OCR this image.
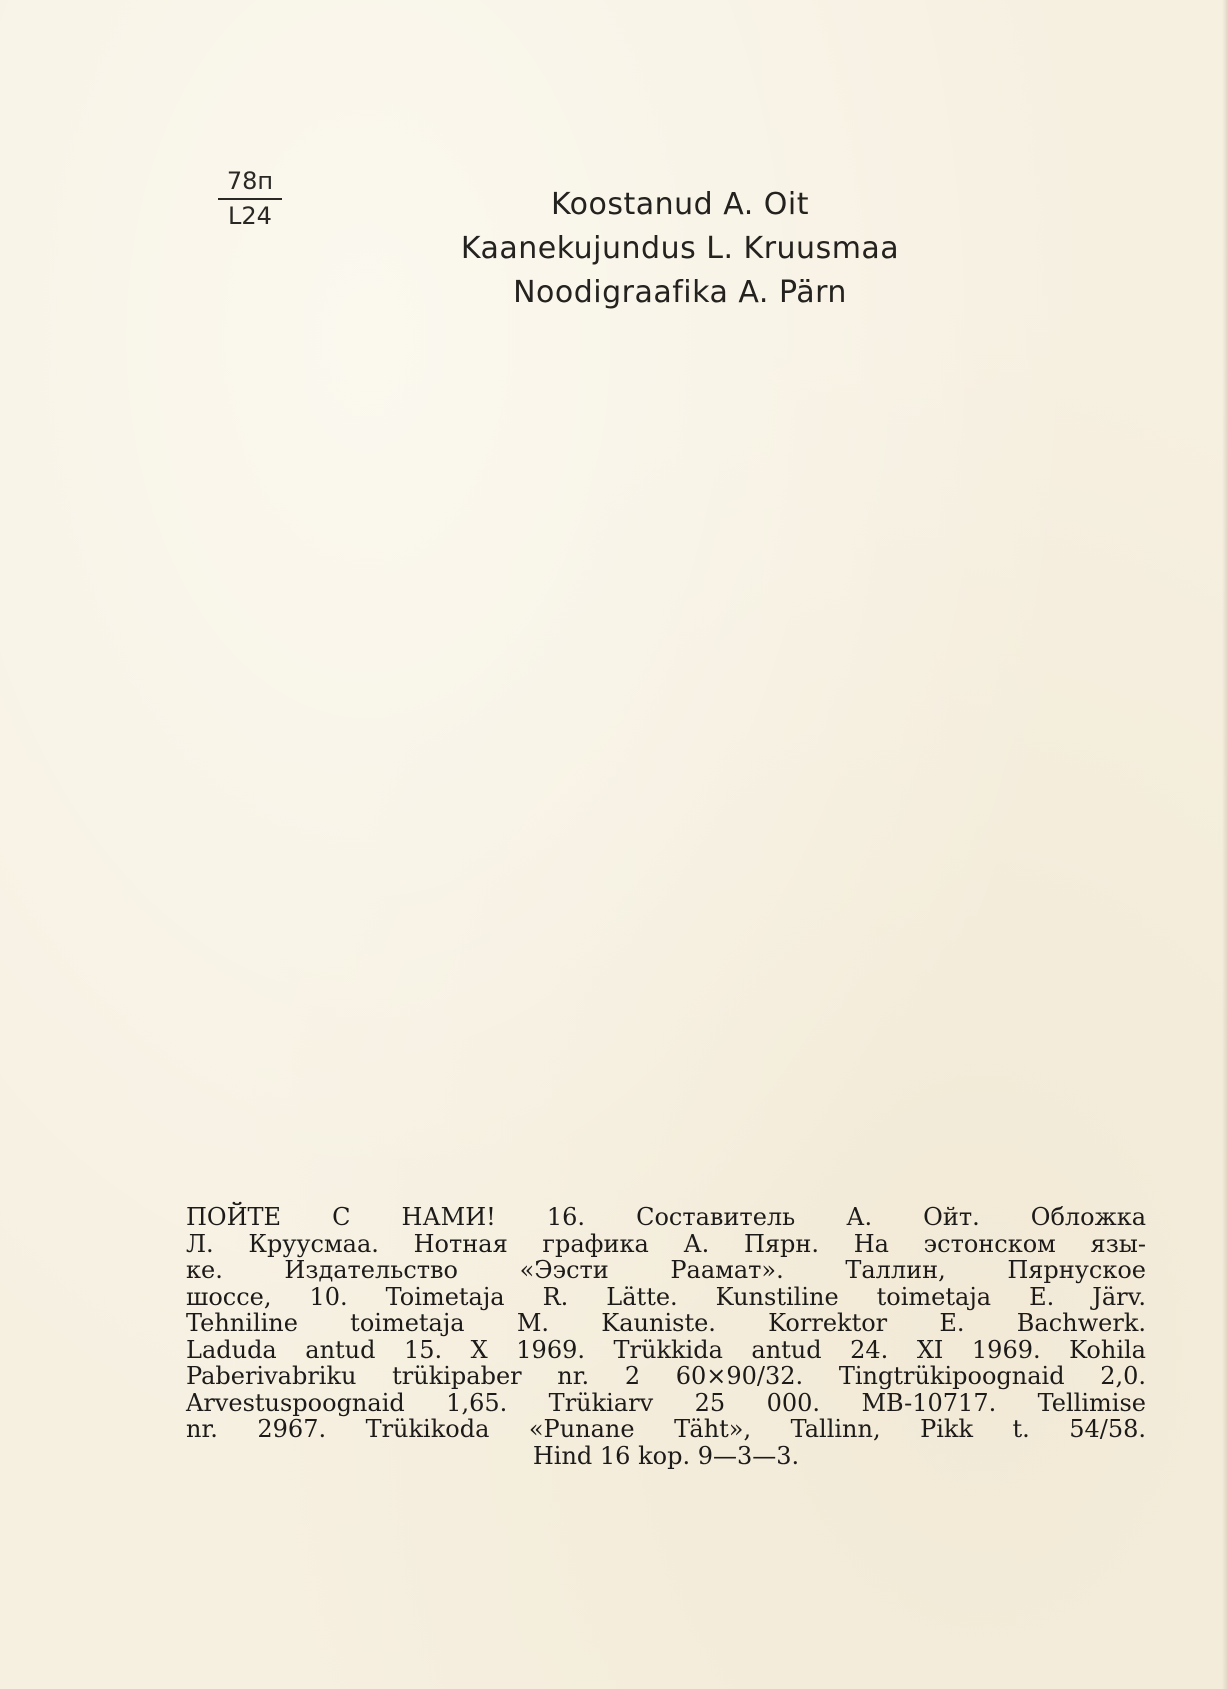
78п
L24	Koostanud A. Oit
Kaanekujundus L. Kruusmaa
Noodigraafika A. Pärn
ПОЙТЕ С НАМИ! 16. Составитель А. Ойт. Обложка
Л. Круусмаа. Нотная графика А. Пярн. На эстонском язы-
ке. Издательство «Ээсти Раамат». Таллин, Пярнуское
шоссе, 10. Toimetaja R. Lätte. Kunstiline toimetaja E. Järv.
Tehniline toimetaja M. Kauniste. Korrektor E. Bachwerk.
Laduda antud 15. X 1969. Trükkida antud 24. XI 1969. Kohila
Paberivabriku trükipaber nr. 2 60×90/32. Tingtrükipoognaid 2,0.
Arvestuspoognaid 1,65. Trükiarv 25 000. MB-10717. Tellimise
nr. 2967. Trükikoda «Punane Täht», Tallinn, Pikk t. 54/58.
Hind 16 kop. 9—3—3.
